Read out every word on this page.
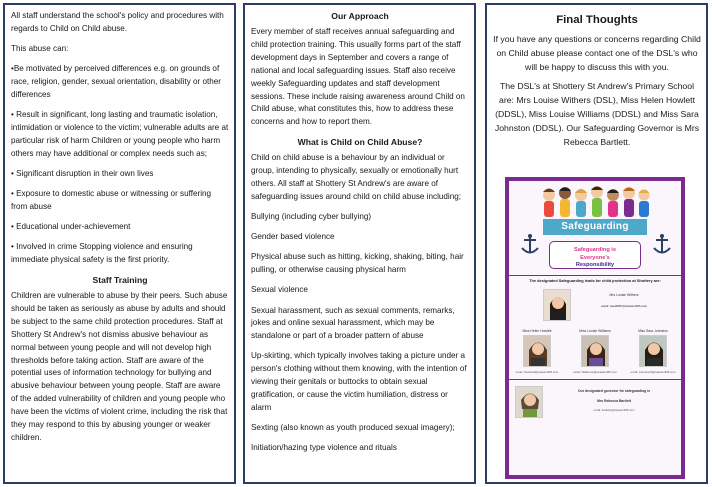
All staff understand the school's policy and procedures with regards to Child on Child abuse.

This abuse can:

•Be motivated by perceived differences e.g. on grounds of race, religion, gender, sexual orientation, disability or other differences

• Result in significant, long lasting and traumatic isolation, intimidation or violence to the victim; vulnerable adults are at particular risk of harm Children or young people who harm others may have additional or complex needs such as;

• Significant disruption in their own lives

• Exposure to domestic abuse or witnessing or suffering from abuse

• Educational under-achievement

• Involved in crime Stopping violence and ensuring immediate physical safety is the first priority.

Staff Training

Children are vulnerable to abuse by their peers. Such abuse should be taken as seriously as abuse by adults and should be subject to the same child protection procedures. Staff at Shottery St Andrew's not dismiss abusive behaviour as normal between young people and will not develop high thresholds before taking action. Staff are aware of the potential uses of information technology for bullying and abusive behaviour between young people. Staff are aware of the added vulnerability of children and young people who have been the victims of violent crime, including the risk that they may respond to this by abusing younger or weaker children.

Our Approach

Every member of staff receives annual safeguarding and child protection training. This usually forms part of the staff development days in September and covers a range of national and local safeguarding issues. Staff also receive weekly Safeguarding updates and staff development sessions. These include raising awareness around Child on Child abuse, what constitutes this, how to address these concerns and how to report them.

What is Child on Child Abuse?

Child on child abuse is a behaviour by an individual or group, intending to physically, sexually or emotionally hurt others. All staff at Shottery St Andrew's are aware of safeguarding issues around child on child abuse including;

Bullying (including cyber bullying)

Gender based violence

Physical abuse such as hitting, kicking, shaking, biting, hair pulling, or otherwise causing physical harm

Sexual violence

Sexual harassment, such as sexual comments, remarks, jokes and online sexual harassment, which may be standalone or part of a broader pattern of abuse

Up-skirting, which typically involves taking a picture under a person's clothing without them knowing, with the intention of viewing their genitals or buttocks to obtain sexual gratification, or cause the victim humiliation, distress or alarm

Sexting (also known as youth produced sexual imagery);

Initiation/hazing type violence and rituals

Final Thoughts

If you have any questions or concerns regarding Child on Child abuse please contact one of the DSL's who will be happy to discuss this with you.

The DSL's at Shottery St Andrew's Primary School are: Mrs Louise Withers (DSL), Miss Helen Howlett (DDSL), Miss Louise Williams (DDSL) and Miss Sara Johnston (DDSL). Our Safeguarding Governor is Mrs Rebecca Bartlett.

Safeguarding
Safeguarding is
Everyone's
Responsibility
The designated Safeguarding leads for child protection at Shottery are:
Mrs Louise Withers
email: head3057@welearn365.com
Miss Helen Howlett
email: howlettH@welearn365.com
Miss Louise Williams
email: WilliamsL@welearn365.com
Miss Sara Johnston
email: JohnstonS@welearn365.com
Our designated governor for safeguarding is
Mrs Rebecca Bartlett
email: bartlettr@welearn365.com
